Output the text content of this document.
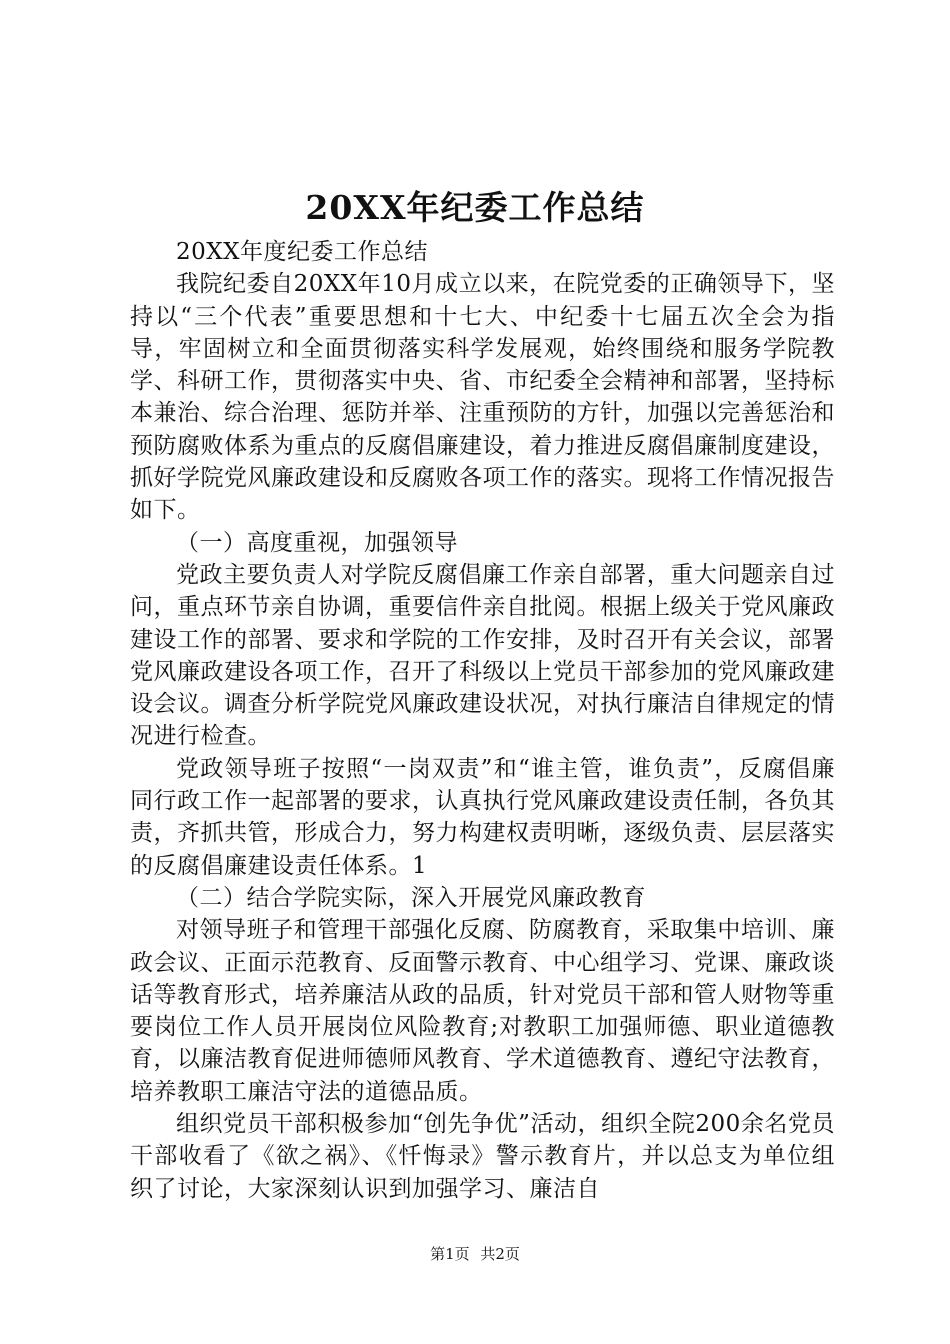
20XX年纪委工作总结

20XX年度纪委工作总结

我院纪委自20XX年10月成立以来，在院党委的正确领导下，坚持以“三个代表”重要思想和十七大、中纪委十七届五次全会为指导，牢固树立和全面贯彻落实科学发展观，始终围绕和服务学院教学、科研工作，贯彻落实中央、省、市纪委全会精神和部署，坚持标本兼治、综合治理、惩防并举、注重预防的方针，加强以完善惩治和预防腐败体系为重点的反腐倡廉建设，着力推进反腐倡廉制度建设，抓好学院党风廉政建设和反腐败各项工作的落实。现将工作情况报告如下。

（一）高度重视，加强领导

党政主要负责人对学院反腐倡廉工作亲自部署，重大问题亲自过问，重点环节亲自协调，重要信件亲自批阅。根据上级关于党风廉政建设工作的部署、要求和学院的工作安排，及时召开有关会议，部署党风廉政建设各项工作，召开了科级以上党员干部参加的党风廉政建设会议。调查分析学院党风廉政建设状况，对执行廉洁自律规定的情况进行检查。

党政领导班子按照“一岗双责”和“谁主管，谁负责”，反腐倡廉同行政工作一起部署的要求，认真执行党风廉政建设责任制，各负其责，齐抓共管，形成合力，努力构建权责明晰，逐级负责、层层落实的反腐倡廉建设责任体系。1

（二）结合学院实际，深入开展党风廉政教育

对领导班子和管理干部强化反腐、防腐教育，采取集中培训、廉政会议、正面示范教育、反面警示教育、中心组学习、党课、廉政谈话等教育形式，培养廉洁从政的品质，针对党员干部和管人财物等重要岗位工作人员开展岗位风险教育;对教职工加强师德、职业道德教育，以廉洁教育促进师德师风教育、学术道德教育、遵纪守法教育，培养教职工廉洁守法的道德品质。

组织党员干部积极参加“创先争优”活动，组织全院200余名党员干部收看了《欲之祸》、《忏悔录》警示教育片，并以总支为单位组织了讨论，大家深刻认识到加强学习、廉洁自

第1页 共2页
